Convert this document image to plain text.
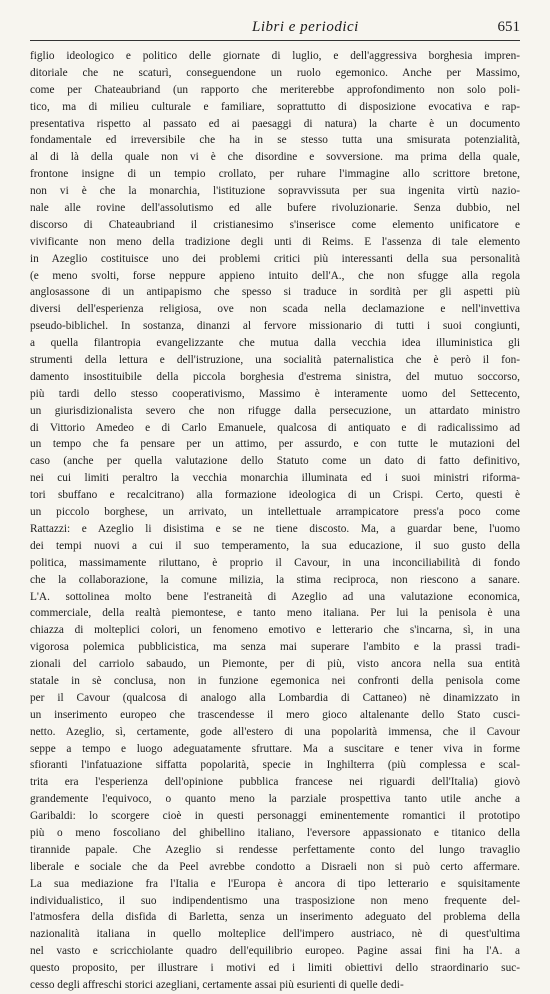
Libri e periodici	651
figlio ideologico e politico delle giornate di luglio, e dell'aggressiva borghesia impren-
ditoriale che ne scaturì, conseguendone un ruolo egemonico. Anche per Massimo,
come per Chateaubriand (un rapporto che meriterebbe approfondimento non solo poli-
tico, ma di milieu culturale e familiare, soprattutto di disposizione evocativa e rap-
presentativa rispetto al passato ed ai paesaggi di natura) la charte è un documento
fondamentale ed irreversibile che ha in se stesso tutta una smisurata potenzialità,
al di là della quale non vi è che disordine e sovversione. ma prima della quale,
frontone insigne di un tempio crollato, per ruhare l'immagine allo scrittore bretone,
non vi è che la monarchia, l'istituzione sopravvissuta per sua ingenita virtù nazio-
nale alle rovine dell'assolutismo ed alle bufere rivoluzionarie. Senza dubbio, nel
discorso di Chateaubriand il cristianesimo s'inserisce come elemento unificatore e
vivificante non meno della tradizione degli unti di Reims. E l'assenza di tale elemento
in Azeglio costituisce uno dei problemi critici più interessanti della sua personalità
(e meno svolti, forse neppure appieno intuito dell'A., che non sfugge alla regola
anglosassone di un antipapismo che spesso si traduce in sordità per gli aspetti più
diversi dell'esperienza religiosa, ove non scada nella declamazione e nell'invettiva
pseudo-biblichel. In sostanza, dinanzi al fervore missionario di tutti i suoi congiunti,
a quella filantropia evangelizzante che mutua dalla vecchia idea illuministica gli
strumenti della lettura e dell'istruzione, una socialità paternalistica che è però il fon-
damento insostituibile della piccola borghesia d'estrema sinistra, del mutuo soccorso,
più tardi dello stesso cooperativismo, Massimo è interamente uomo del Settecento,
un giurisdizionalista severo che non rifugge dalla persecuzione, un attardato ministro
di Vittorio Amedeo e di Carlo Emanuele, qualcosa di antiquato e di radicalissimo ad
un tempo che fa pensare per un attimo, per assurdo, e con tutte le mutazioni del
caso (anche per quella valutazione dello Statuto come un dato di fatto definitivo,
nei cui limiti peraltro la vecchia monarchia illuminata ed i suoi ministri riforma-
tori sbuffano e recalcitrano) alla formazione ideologica di un Crispi. Certo, questi è
un piccolo borghese, un arrivato, un intellettuale arrampicatore press'a poco come
Rattazzi: e Azeglio li disistima e se ne tiene discosto. Ma, a guardar bene, l'uomo
dei tempi nuovi a cui il suo temperamento, la sua educazione, il suo gusto della
politica, massimamente riluttano, è proprio il Cavour, in una inconciliabilità di fondo
che la collaborazione, la comune milizia, la stima reciproca, non riescono a sanare.
L'A. sottolinea molto bene l'estraneità di Azeglio ad una valutazione economica,
commerciale, della realtà piemontese, e tanto meno italiana. Per lui la penisola è una
chiazza di molteplici colori, un fenomeno emotivo e letterario che s'incarna, sì, in una
vigorosa polemica pubblicistica, ma senza mai superare l'ambito e la prassi tradi-
zionali del carriolo sabaudo, un Piemonte, per di più, visto ancora nella sua entità
statale in sè conclusa, non in funzione egemonica nei confronti della penisola come
per il Cavour (qualcosa di analogo alla Lombardia di Cattaneo) nè dinamizzato in
un inserimento europeo che trascendesse il mero gioco altalenante dello Stato cusci-
netto. Azeglio, sì, certamente, gode all'estero di una popolarità immensa, che il Cavour
seppe a tempo e luogo adeguatamente sfruttare. Ma a suscitare e tener viva in forme
sfioranti l'infatuazione siffatta popolarità, specie in Inghilterra (più complessa e scal-
trita era l'esperienza dell'opinione pubblica francese nei riguardi dell'Italia) giovò
grandemente l'equivoco, o quanto meno la parziale prospettiva tanto utile anche a
Garibaldi: lo scorgere cioè in questi personaggi eminentemente romantici il prototipo
più o meno foscoliano del ghibellino italiano, l'eversore appassionato e titanico della
tirannide papale. Che Azeglio si rendesse perfettamente conto del lungo travaglio
liberale e sociale che da Peel avrebbe condotto a Disraeli non si può certo affermare.
La sua mediazione fra l'Italia e l'Europa è ancora di tipo letterario e squisitamente
individualistico, il suo indipendentismo una trasposizione non meno frequente del-
l'atmosfera della disfida di Barletta, senza un inserimento adeguato del problema della
nazionalità italiana in quello molteplice dell'impero austriaco, nè di quest'ultima
nel vasto e scricchiolante quadro dell'equilibrio europeo. Pagine assai fini ha l'A. a
questo proposito, per illustrare i motivi ed i limiti obiettivi dello straordinario suc-
cesso degli affreschi storici azegliani, certamente assai più esurienti di quelle dedi-
